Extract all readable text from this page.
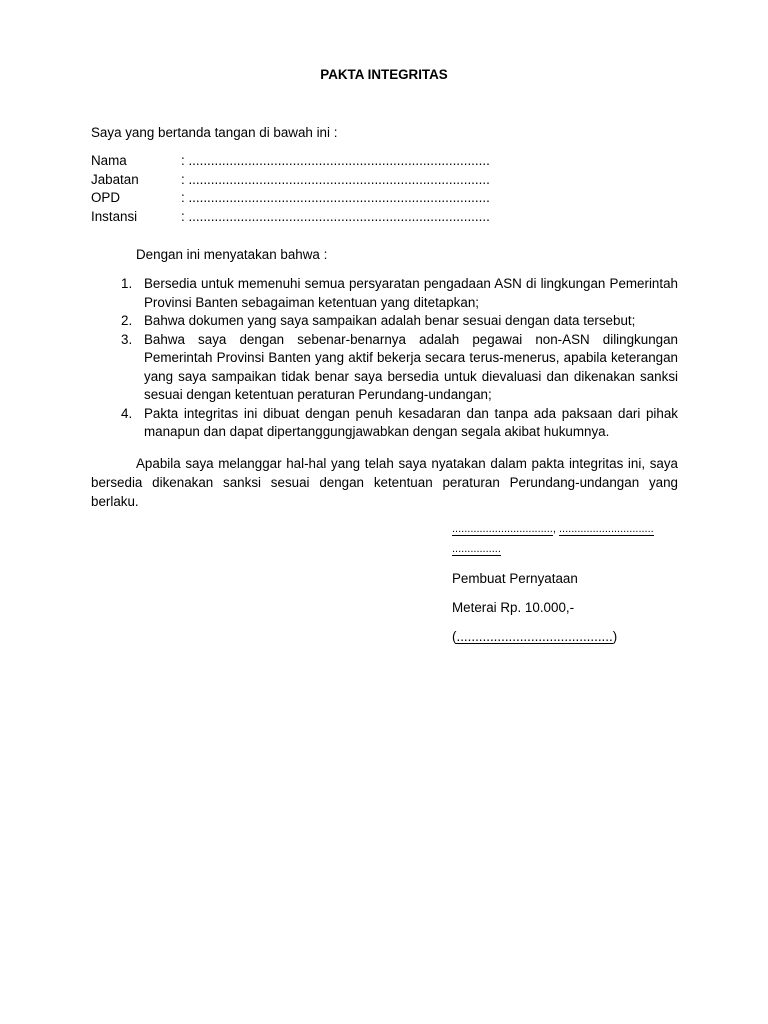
PAKTA INTEGRITAS
Saya yang bertanda tangan di bawah ini :
Nama	: .................................................................................
Jabatan	: .................................................................................
OPD	: .................................................................................
Instansi	: .................................................................................
Dengan ini menyatakan bahwa :
1. Bersedia untuk memenuhi semua persyaratan pengadaan ASN di lingkungan Pemerintah Provinsi Banten sebagaiman ketentuan yang ditetapkan;
2. Bahwa dokumen yang saya sampaikan adalah benar sesuai dengan data tersebut;
3. Bahwa saya dengan sebenar-benarnya adalah pegawai non-ASN dilingkungan Pemerintah Provinsi Banten yang aktif bekerja secara terus-menerus, apabila keterangan yang saya sampaikan tidak benar saya bersedia untuk dievaluasi dan dikenakan sanksi sesuai dengan ketentuan peraturan Perundang-undangan;
4. Pakta integritas ini dibuat dengan penuh kesadaran dan tanpa ada paksaan dari pihak manapun dan dapat dipertanggungjawabkan dengan segala akibat hukumnya.

Apabila saya melanggar hal-hal yang telah saya nyatakan dalam pakta integritas ini, saya bersedia dikenakan sanksi sesuai dengan ketentuan peraturan Perundang-undangan yang berlaku.

................................., ...............................
................
Pembuat Pernyataan
Meterai Rp. 10.000,-
(..........................................)
